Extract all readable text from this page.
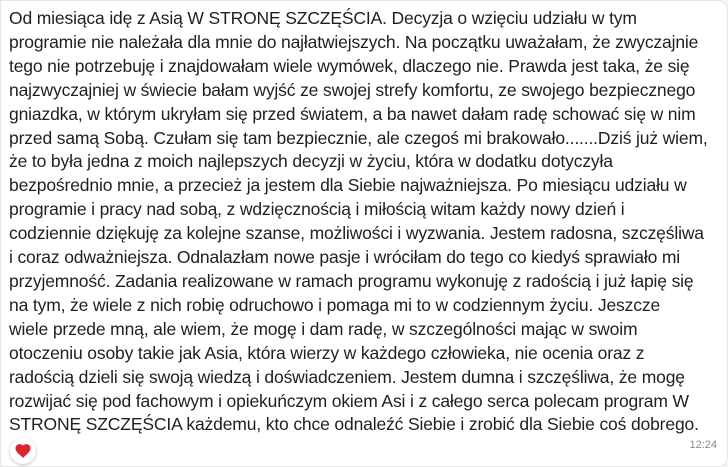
Od miesiąca idę z Asią W STRONĘ SZCZĘŚCIA. Decyzja o wzięciu udziału w tym
programie nie należała dla mnie do najłatwiejszych. Na początku uważałam, że zwyczajnie
tego nie potrzebuję i znajdowałam wiele wymówek, dlaczego nie. Prawda jest taka, że się
najzwyczajniej w świecie bałam wyjść ze swojej strefy komfortu, ze swojego bezpiecznego
gniazdka, w którym ukryłam się przed światem, a ba nawet dałam radę schować się w nim
przed samą Sobą. Czułam się tam bezpiecznie, ale czegoś mi brakowało.......Dziś już wiem,
że to była jedna z moich najlepszych decyzji w życiu, która w dodatku dotyczyła
bezpośrednio mnie, a przecież ja jestem dla Siebie najważniejsza. Po miesiącu udziału w
programie i pracy nad sobą, z wdzięcznością i miłością witam każdy nowy dzień i
codziennie dziękuję za kolejne szanse, możliwości i wyzwania. Jestem radosna, szczęśliwa
i coraz odważniejsza. Odnalazłam nowe pasje i wróciłam do tego co kiedyś sprawiało mi
przyjemność. Zadania realizowane w ramach programu wykonuję z radością i już łapię się
na tym, że wiele z nich robię odruchowo i pomaga mi to w codziennym życiu. Jeszcze
wiele przede mną, ale wiem, że mogę i dam radę, w szczególności mając w swoim
otoczeniu osoby takie jak Asia, która wierzy w każdego człowieka, nie ocenia oraz z
radością dzieli się swoją wiedzą i doświadczeniem. Jestem dumna i szczęśliwa, że mogę
rozwijać się pod fachowym i opiekuńczym okiem Asi i z całego serca polecam program W
STRONĘ SZCZĘŚCIA każdemu, kto chce odnaleźć Siebie i zrobić dla Siebie coś dobrego.

12:24
